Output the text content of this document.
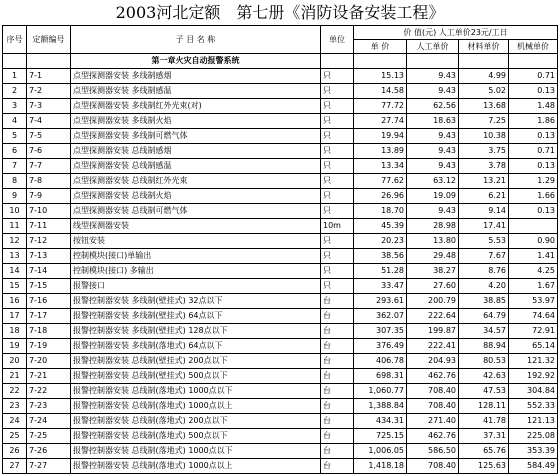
2003河北定额　第七册《消防设备安装工程》
序号	定额编号	子 目 名 称	单位	价 值(元) 人工单价23元/工日			
				单 价	人工单价	材料单价	机械单价
		第一章火灾自动报警系统					
1	7-1	点型探测器安装 多线制感烟	只	15.13	9.43	4.99	0.71
2	7-2	点型探测器安装 多线制感温	只	14.58	9.43	5.02	0.13
3	7-3	点型探测器安装 多线制红外光束(对)	只	77.72	62.56	13.68	1.48
4	7-4	点型探测器安装 多线制火焰	只	27.74	18.63	7.25	1.86
5	7-5	点型探测器安装 多线制可燃气体	只	19.94	9.43	10.38	0.13
6	7-6	点型探测器安装 总线制感烟	只	13.89	9.43	3.75	0.71
7	7-7	点型探测器安装 总线制感温	只	13.34	9.43	3.78	0.13
8	7-8	点型探测器安装 总线制红外光束	只	77.62	63.12	13.21	1.29
9	7-9	点型探测器安装 总线制火焰	只	26.96	19.09	6.21	1.66
10	7-10	点型探测器安装 总线制可燃气体	只	18.70	9.43	9.14	0.13
11	7-11	线型探测器安装	10m	45.39	28.98	17.41	
12	7-12	按钮安装	只	20.23	13.80	5.53	0.90
13	7-13	控制模块(接口)单输出	只	38.56	29.48	7.67	1.41
14	7-14	控制模块(接口) 多输出	只	51.28	38.27	8.76	4.25
15	7-15	报警接口	只	33.47	27.60	4.20	1.67
16	7-16	报警控制器安装 多线制(壁挂式) 32点以下	台	293.61	200.79	38.85	53.97
17	7-17	报警控制器安装 多线制(壁挂式) 64点以下	台	362.07	222.64	64.79	74.64
18	7-18	报警控制器安装 多线制(壁挂式) 128点以下	台	307.35	199.87	34.57	72.91
19	7-19	报警控制器安装 多线制(落地式) 64点以下	台	376.49	222.41	88.94	65.14
20	7-20	报警控制器安装 总线制(壁挂式) 200点以下	台	406.78	204.93	80.53	121.32
21	7-21	报警控制器安装 总线制(壁挂式) 500点以下	台	698.31	462.76	42.63	192.92
22	7-22	报警控制器安装 总线制(落地式) 1000点以下	台	1,060.77	708.40	47.53	304.84
23	7-23	报警控制器安装 总线制(落地式) 1000点以上	台	1,388.84	708.40	128.11	552.33
24	7-24	报警控制器安装 总线制(落地式) 200点以下	台	434.31	271.40	41.78	121.13
25	7-25	报警控制器安装 总线制(落地式) 500点以下	台	725.15	462.76	37.31	225.08
26	7-26	报警控制器安装 总线制(落地式) 1000点以下	台	1,006.05	586.50	65.76	353.39
27	7-27	报警控制器安装 总线制(落地式) 1000点以上	台	1,418.18	708.40	125.63	584.49
